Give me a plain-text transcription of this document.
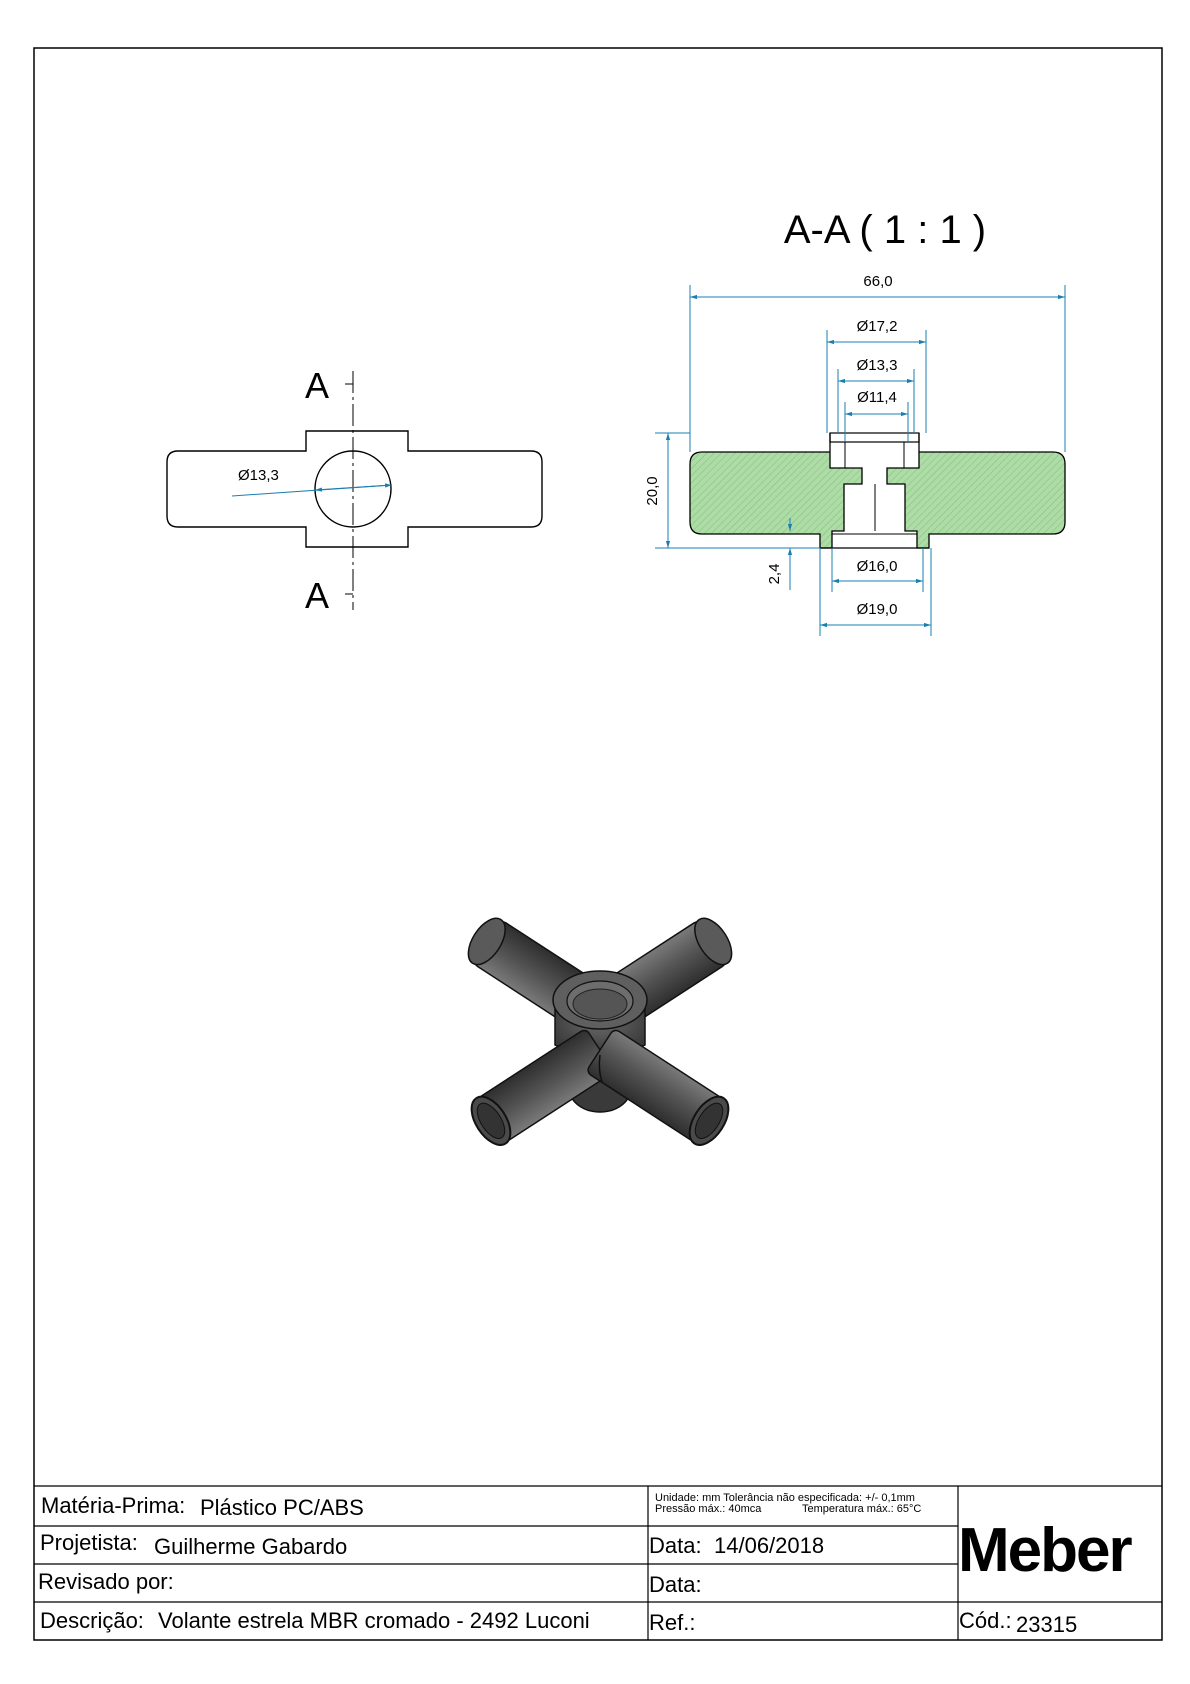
A
A
Ø13,3
A-A ( 1 : 1 )
66,0
Ø17,2
Ø13,3
Ø11,4
20,0
2,4	Ø16,0
Ø19,0
Matéria-Prima: Plástico PC/ABS
Projetista: Guilherme Gabardo
Revisado por:
Descrição: Volante estrela MBR cromado - 2492 Luconi
Unidade: mm Tolerância não especificada: +/- 0,1mm
Pressão máx.: 40mca	Temperatura máx.: 65°C
Data: 14/06/2018
Data:
Ref.:
Meber
Cód.: 23315
